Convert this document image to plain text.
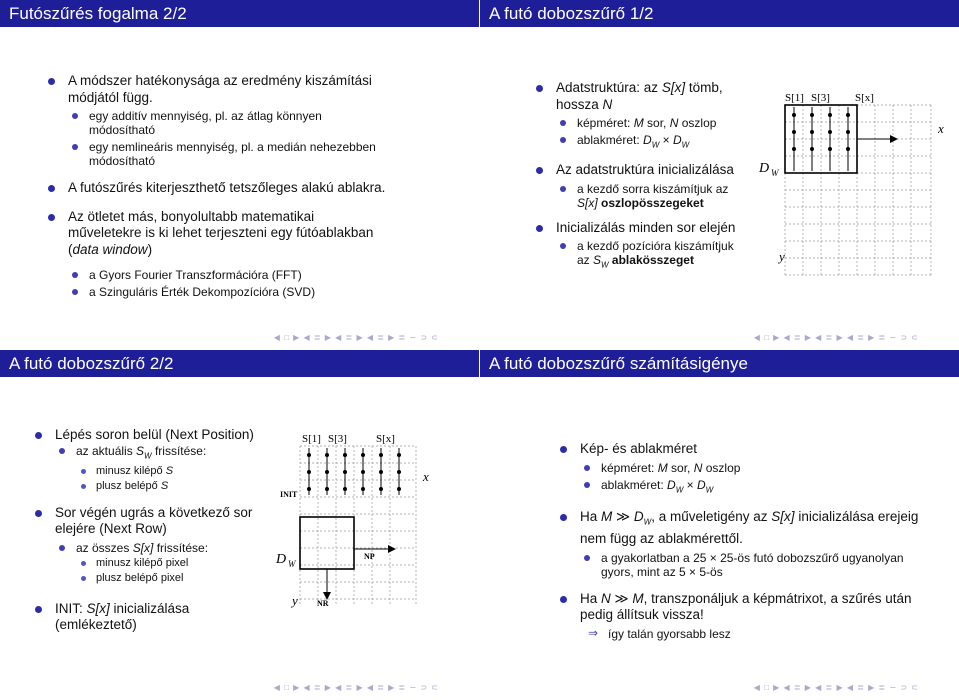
Futószűrés fogalma 2/2
A módszer hatékonysága az eredmény kiszámítási módjától függ.
egy additív mennyiség, pl. az átlag könnyen módosítható
egy nemlineáris mennyiség, pl. a medián nehezebben módosítható
A futószűrés kiterjeszthető tetszőleges alakú ablakra.
Az ötletet más, bonyolultabb matematikai műveletekre is ki lehet terjeszteni egy fútóablakban (data window)
a Gyors Fourier Transzformációra (FFT)
a Szinguláris Érték Dekompozícióra (SVD)
◀ □ ▶ ◀ ≣ ▶ ◀ ≣ ▶ ◀ ≣ ▶ ≣ ∽ ⊃ ⊂
A futó dobozszűrő 1/2
Adatstruktúra: az S[x] tömb, hossza N
képméret: M sor, N oszlop
ablakméret: $D_W \times D_W$
Az adatstruktúra inicializálása
a kezdő sorra kiszámítjuk az
S[x] oszlopösszegeket
Inicializálás minden sor elején
a kezdő pozícióra kiszámítjuk
az $S_W$ ablakösszeget
S[1] S[3] S[x]
x
D W
y
◀ □ ▶ ◀ ≣ ▶ ◀ ≣ ▶ ◀ ≣ ▶ ≣ ∽ ⊃ ⊂
A futó dobozszűrő 2/2
Lépés soron belül (Next Position)
az aktuális $S_W$ frissítése:
minusz kilépő S
plusz belépő S
Sor végén ugrás a következő sor elejére (Next Row)
az összes S[x] frissítése:
minusz kilépő pixel
plusz belépő pixel
INIT: S[x] inicializálása (emlékeztető)
S[1] S[3]	S[x]
x
INIT
D W
NP
y NR
◀ □ ▶ ◀ ≣ ▶ ◀ ≣ ▶ ◀ ≣ ▶ ≣ ∽ ⊃ ⊂
A futó dobozszűrő számításigénye
Kép- és ablakméret
képméret: M sor, N oszlop
ablakméret: $D_W \times D_W$
Ha M ≫ $D_W$, a műveletigény az S[x] inicializálása erejeig nem függ az ablakmérettől.
a gyakorlatban a 25 × 25-ös futó dobozszűrő ugyanolyan gyors, mint az 5 × 5-ös
Ha N ≫ M, transzponáljuk a képmátrixot, a szűrés után pedig állítsuk vissza!
⇒ így talán gyorsabb lesz
◀ □ ▶ ◀ ≣ ▶ ◀ ≣ ▶ ◀ ≣ ▶ ≣ ∽ ⊃ ⊂
